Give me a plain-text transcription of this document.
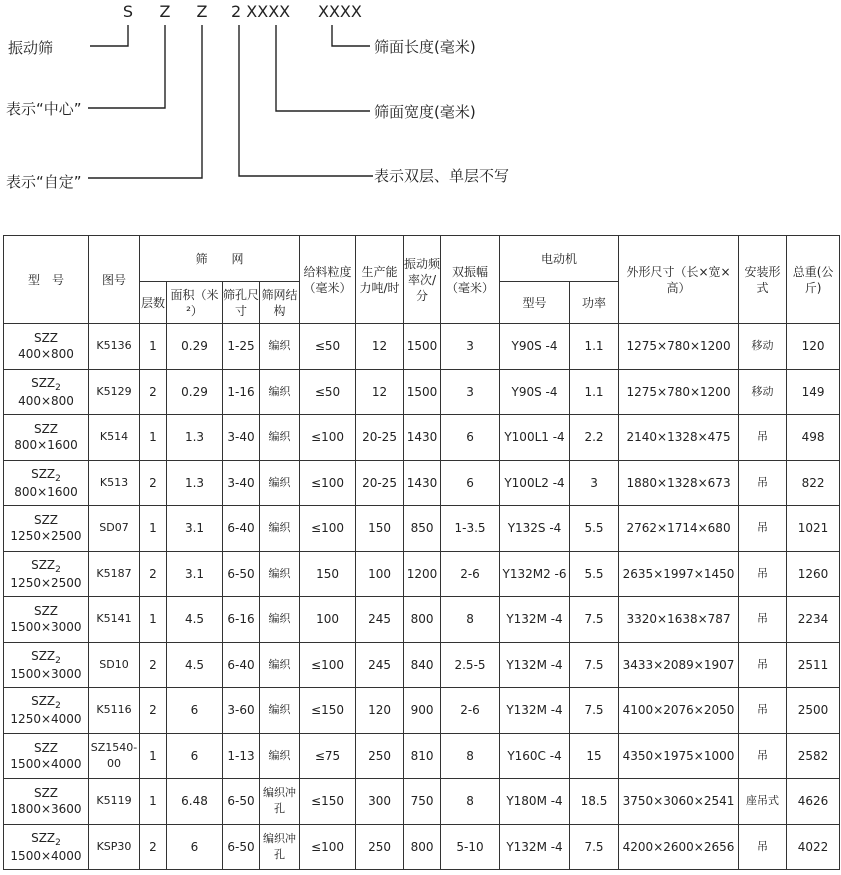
S Z Z 2 XXXX XXXX
振动筛
表示“中心”
表示“自定”
筛面长度(毫米)
筛面宽度(毫米)
表示双层、单层不写
型　号	图号	筛　　网				给料粒度（毫米）	生产能力吨/时	振动频率次/分	双振幅（毫米）	电动机		外形尺寸（长×宽×高）	安装形式	总重(公斤)
		层数	面积（米²）	筛孔尺寸	筛网结构					型号	功率			
SZZ
400×800	K5136	1	0.29	1-25	编织	≤50	12	1500	3	Y90S -4	1.1	1275×780×1200	移动	120
$SZZ_2$
400×800	K5129	2	0.29	1-16	编织	≤50	12	1500	3	Y90S -4	1.1	1275×780×1200	移动	149
SZZ
800×1600	K514	1	1.3	3-40	编织	≤100	20-25	1430	6	Y100L1 -4	2.2	2140×1328×475	吊	498
$SZZ_2$
800×1600	K513	2	1.3	3-40	编织	≤100	20-25	1430	6	Y100L2 -4	3	1880×1328×673	吊	822
SZZ
1250×2500	SD07	1	3.1	6-40	编织	≤100	150	850	1-3.5	Y132S -4	5.5	2762×1714×680	吊	1021
$SZZ_2$
1250×2500	K5187	2	3.1	6-50	编织	150	100	1200	2-6	Y132M2 -6	5.5	2635×1997×1450	吊	1260
SZZ
1500×3000	K5141	1	4.5	6-16	编织	100	245	800	8	Y132M -4	7.5	3320×1638×787	吊	2234
$SZZ_2$
1500×3000	SD10	2	4.5	6-40	编织	≤100	245	840	2.5-5	Y132M -4	7.5	3433×2089×1907	吊	2511
$SZZ_2$
1250×4000	K5116	2	6	3-60	编织	≤150	120	900	2-6	Y132M -4	7.5	4100×2076×2050	吊	2500
SZZ
1500×4000	SZ1540-00	1	6	1-13	编织	≤75	250	810	8	Y160C -4	15	4350×1975×1000	吊	2582
SZZ
1800×3600	K5119	1	6.48	6-50	编织冲孔	≤150	300	750	8	Y180M -4	18.5	3750×3060×2541	座吊式	4626
$SZZ_2$
1500×4000	KSP30	2	6	6-50	编织冲孔	≤100	250	800	5-10	Y132M -4	7.5	4200×2600×2656	吊	4022
